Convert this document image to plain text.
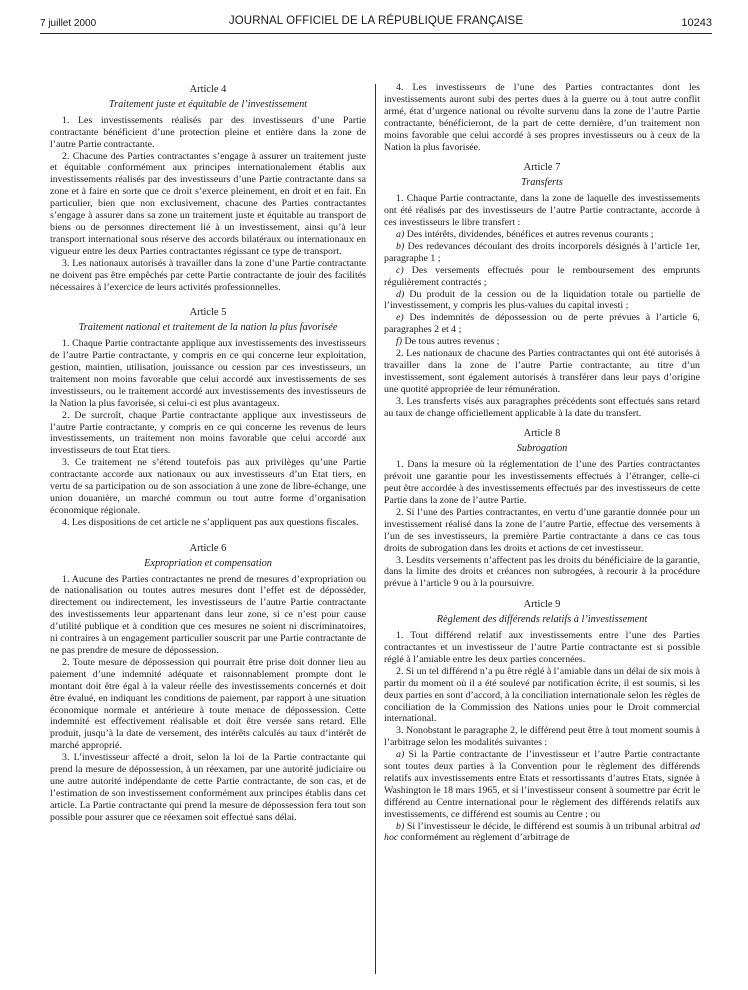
7 juillet 2000	JOURNAL OFFICIEL DE LA RÉPUBLIQUE FRANÇAISE	10243
Article 4
Traitement juste et équitable de l’investissement

1. Les investissements réalisés par des investisseurs d’une Partie contractante bénéficient d’une protection pleine et entière dans la zone de l’autre Partie contractante.

2. Chacune des Parties contractantes s’engage à assurer un traitement juste et équitable conformément aux principes internationalement établis aux investissements réalisés par des investisseurs d’une Partie contractante dans sa zone et à faire en sorte que ce droit s’exerce pleinement, en droit et en fait. En particulier, bien que non exclusivement, chacune des Parties contractantes s’engage à assurer dans sa zone un traitement juste et équitable au transport de biens ou de personnes directement lié à un investissement, ainsi qu’à leur transport international sous réserve des accords bilatéraux ou internationaux en vigueur entre les deux Parties contractantes régissant ce type de transport.

3. Les nationaux autorisés à travailler dans la zone d’une Partie contractante ne doivent pas être empêchés par cette Partie contractante de jouir des facilités nécessaires à l’exercice de leurs activités professionnelles.

Article 5
Traitement national et traitement de la nation la plus favorisée

1. Chaque Partie contractante applique aux investissements des investisseurs de l’autre Partie contractante, y compris en ce qui concerne leur exploitation, gestion, maintien, utilisation, jouissance ou cession par ces investisseurs, un traitement non moins favorable que celui accordé aux investissements de ses investisseurs, ou le traitement accordé aux investissements des investisseurs de la Nation la plus favorisée, si celui-ci est plus avantageux.

2. De surcroît, chaque Partie contractante applique aux investisseurs de l’autre Partie contractante, y compris en ce qui concerne les revenus de leurs investissements, un traitement non moins favorable que celui accordé aux investisseurs de tout Etat tiers.

3. Ce traitement ne s’étend toutefois pas aux privilèges qu’une Partie contractante accorde aux nationaux ou aux investisseurs d’un Etat tiers, en vertu de sa participation ou de son association à une zone de libre-échange, une union douanière, un marché commun ou tout autre forme d’organisation économique régionale.

4. Les dispositions de cet article ne s’appliquent pas aux questions fiscales.

Article 6
Expropriation et compensation

1. Aucune des Parties contractantes ne prend de mesures d’expropriation ou de nationalisation ou toutes autres mesures dont l’effet est de déposséder, directement ou indirectement, les investisseurs de l’autre Partie contractante des investissements leur appartenant dans leur zone, si ce n’est pour cause d’utilité publique et à condition que ces mesures ne soient ni discriminatoires, ni contraires à un engagement particulier souscrit par une Partie contractante de ne pas prendre de mesure de dépossession.

2. Toute mesure de dépossession qui pourrait être prise doit donner lieu au paiement d’une indemnité adéquate et raisonnablement prompte dont le montant doit être égal à la valeur réelle des investissements concernés et doit être évalué, en indiquant les conditions de paiement, par rapport à une situation économique normale et antérieure à toute menace de dépossession. Cette indemnité est effectivement réalisable et doit être versée sans retard. Elle produit, jusqu’à la date de versement, des intérêts calculés au taux d’intérêt de marché approprié.

3. L’investisseur affecté a droit, selon la loi de la Partie contractante qui prend la mesure de dépossession, à un réexamen, par une autorité judiciaire ou une autre autorité indépendante de cette Partie contractante, de son cas, et de l’estimation de son investissement conformément aux principes établis dans cet article. La Partie contractante qui prend la mesure de dépossession fera tout son possible pour assurer que ce réexamen soit effectué sans délai.

4. Les investisseurs de l’une des Parties contractantes dont les investissements auront subi des pertes dues à la guerre ou à tout autre conflit armé, état d’urgence national ou révolte survenu dans la zone de l’autre Partie contractante, bénéficieront, de la part de cette dernière, d’un traitement non moins favorable que celui accordé à ses propres investisseurs ou à ceux de la Nation la plus favorisée.

Article 7
Transferts

1. Chaque Partie contractante, dans la zone de laquelle des investissements ont été réalisés par des investisseurs de l’autre Partie contractante, accorde à ces investisseurs le libre transfert :

a) Des intérêts, dividendes, bénéfices et autres revenus courants ;

b) Des redevances découlant des droits incorporels désignés à l’article 1er, paragraphe 1 ;

c) Des versements effectués pour le remboursement des emprunts régulièrement contractés ;

d) Du produit de la cession ou de la liquidation totale ou partielle de l’investissement, y compris les plus-values du capital investi ;

e) Des indemnités de dépossession ou de perte prévues à l’article 6, paragraphes 2 et 4 ;

f) De tous autres revenus ;

2. Les nationaux de chacune des Parties contractantes qui ont été autorisés à travailler dans la zone de l’autre Partie contractante, au titre d’un investissement, sont également autorisés à transférer dans leur pays d’origine une quotité appropriée de leur rémunération.

3. Les transferts visés aux paragraphes précédents sont effectués sans retard au taux de change officiellement applicable à la date du transfert.

Article 8
Subrogation

1. Dans la mesure où la réglementation de l’une des Parties contractantes prévoit une garantie pour les investissements effectués à l’étranger, celle-ci peut être accordée à des investissements effectués par des investisseurs de cette Partie dans la zone de l’autre Partie.

2. Si l’une des Parties contractantes, en vertu d’une garantie donnée pour un investissement réalisé dans la zone de l’autre Partie, effectue des versements à l’un de ses investisseurs, la première Partie contractante a dans ce cas tous droits de subrogation dans les droits et actions de cet investisseur.

3. Lesdits versements n’affectent pas les droits du bénéficiaire de la garantie, dans la limite des droits et créances non subrogées, à recourir à la procédure prévue à l’article 9 ou à la poursuivre.

Article 9
Règlement des différends relatifs à l’investissement

1. Tout différend relatif aux investissements entre l’une des Parties contractantes et un investisseur de l’autre Partie contractante est si possible réglé à l’amiable entre les deux parties concernées.

2. Si un tel différend n’a pu être réglé à l’amiable dans un délai de six mois à partir du moment où il a été soulevé par notification écrite, il est soumis, si les deux parties en sont d’accord, à la conciliation internationale selon les règles de conciliation de la Commission des Nations unies pour le Droit commercial international.

3. Nonobstant le paragraphe 2, le différend peut être à tout moment soumis à l’arbitrage selon les modalités suivantes :

a) Si la Partie contractante de l’investisseur et l’autre Partie contractante sont toutes deux parties à la Convention pour le règlement des différends relatifs aux investissements entre Etats et ressortissants d’autres Etats, signée à Washington le 18 mars 1965, et si l’investisseur consent à soumettre par écrit le différend au Centre international pour le règlement des différends relatifs aux investissements, ce différend est soumis au Centre ; ou

b) Si l’investisseur le décide, le différend est soumis à un tribunal arbitral ad hoc conformément au règlement d’arbitrage de
